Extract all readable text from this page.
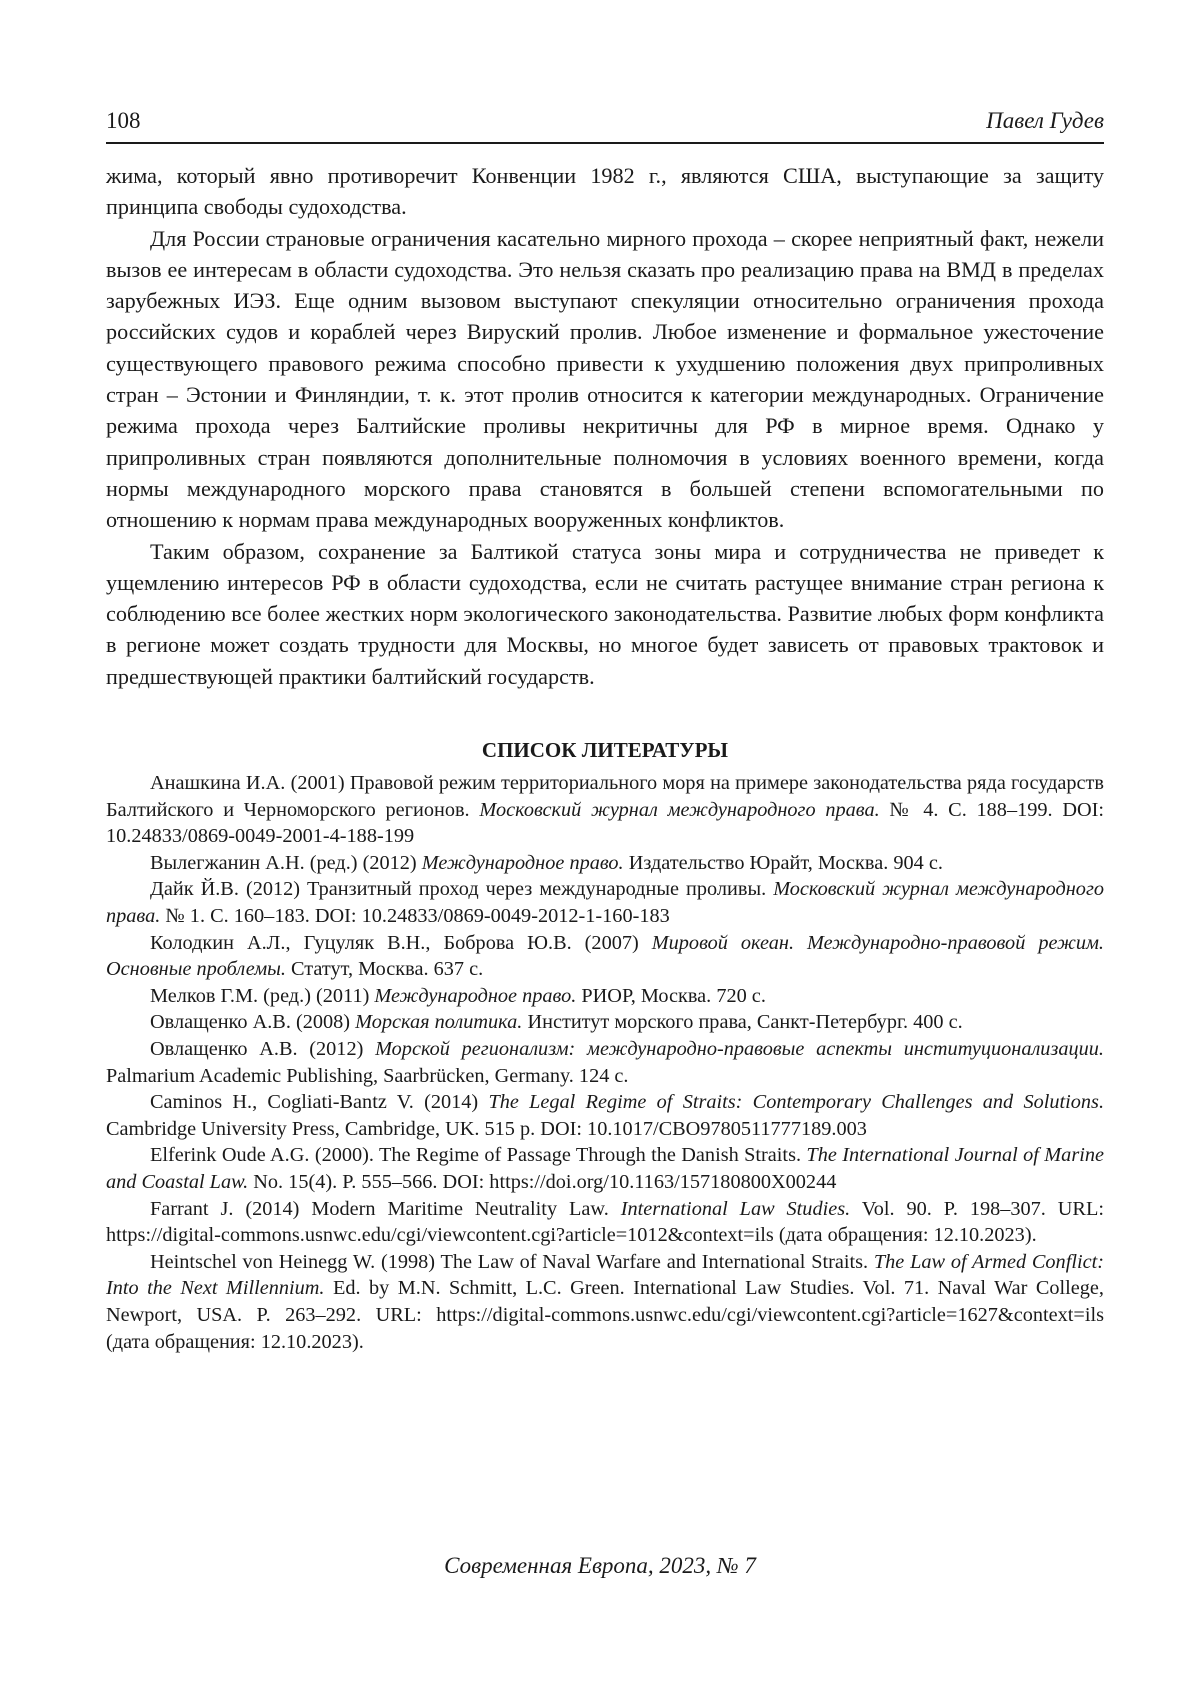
108	Павел Гудев

жима, который явно противоречит Конвенции 1982 г., являются США, выступающие за защиту принципа свободы судоходства.

Для России страновые ограничения касательно мирного прохода – скорее неприятный факт, нежели вызов ее интересам в области судоходства. Это нельзя сказать про реализацию права на ВМД в пределах зарубежных ИЭЗ. Еще одним вызовом выступают спекуляции относительно ограничения прохода российских судов и кораблей через Вируский пролив. Любое изменение и формальное ужесточение существующего правового режима способно привести к ухудшению положения двух припроливных стран – Эстонии и Финляндии, т. к. этот пролив относится к категории международных. Ограничение режима прохода через Балтийские проливы некритичны для РФ в мирное время. Однако у припроливных стран появляются дополнительные полномочия в условиях военного времени, когда нормы международного морского права становятся в большей степени вспомогательными по отношению к нормам права международных вооруженных конфликтов.

Таким образом, сохранение за Балтикой статуса зоны мира и сотрудничества не приведет к ущемлению интересов РФ в области судоходства, если не считать растущее внимание стран региона к соблюдению все более жестких норм экологического законодательства. Развитие любых форм конфликта в регионе может создать трудности для Москвы, но многое будет зависеть от правовых трактовок и предшествующей практики балтийский государств.

СПИСОК ЛИТЕРАТУРЫ

Анашкина И.А. (2001) Правовой режим территориального моря на примере законодательства ряда государств Балтийского и Черноморского регионов. Московский журнал международного права. № 4. С. 188–199. DOI: 10.24833/0869-0049-2001-4-188-199

Вылегжанин А.Н. (ред.) (2012) Международное право. Издательство Юрайт, Москва. 904 с.

Дайк Й.В. (2012) Транзитный проход через международные проливы. Московский журнал международного права. № 1. С. 160–183. DOI: 10.24833/0869-0049-2012-1-160-183

Колодкин А.Л., Гуцуляк В.Н., Боброва Ю.В. (2007) Мировой океан. Международно-правовой режим. Основные проблемы. Статут, Москва. 637 с.

Мелков Г.М. (ред.) (2011) Международное право. РИОР, Москва. 720 с.

Овлащенко А.В. (2008) Морская политика. Институт морского права, Санкт-Петербург. 400 с.

Овлащенко А.В. (2012) Морской регионализм: международно-правовые аспекты институционализации. Palmarium Academic Publishing, Saarbrücken, Germany. 124 с.

Caminos H., Cogliati-Bantz V. (2014) The Legal Regime of Straits: Contemporary Challenges and Solutions. Cambridge University Press, Cambridge, UK. 515 p. DOI: 10.1017/CBO9780511777189.003

Elferink Oude A.G. (2000). The Regime of Passage Through the Danish Straits. The International Journal of Marine and Coastal Law. No. 15(4). P. 555–566. DOI: https://doi.org/10.1163/157180800X00244

Farrant J. (2014) Modern Maritime Neutrality Law. International Law Studies. Vol. 90. P. 198–307. URL: https://digital-commons.usnwc.edu/cgi/viewcontent.cgi?article=1012&context=ils (дата обращения: 12.10.2023).

Heintschel von Heinegg W. (1998) The Law of Naval Warfare and International Straits. The Law of Armed Conflict: Into the Next Millennium. Ed. by M.N. Schmitt, L.C. Green. International Law Studies. Vol. 71. Naval War College, Newport, USA. P. 263–292. URL: https://digital-commons.usnwc.edu/cgi/viewcontent.cgi?article=1627&context=ils (дата обращения: 12.10.2023).

Современная Европа, 2023, № 7
